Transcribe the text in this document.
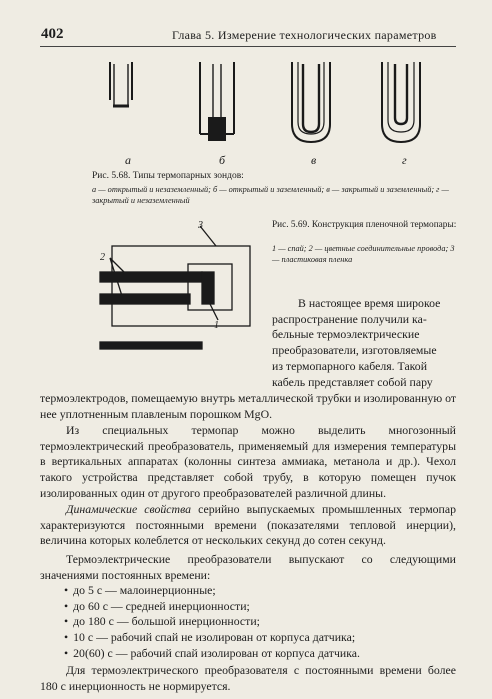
402	Глава 5. Измерение технологических параметров
а	б	в	г
Рис. 5.68. Типы термопарных зондов:
а — открытый и незаземленный; б — открытый и заземленный; в — закрытый и заземленный; г — закрытый и незаземленный
3
2
1
Рис. 5.69. Конструкция пленочной термопары:
1 — спай; 2 — цветные соединительные провода; 3 — пластиковая пленка
В настоящее время широкое
распространение получили ка-
бельные термоэлектрические
преобразователи, изготовляемые
из термопарного кабеля. Такой
кабель представляет собой пару
термоэлектродов, помещаемую внутрь металлической трубки и изолированную от нее уплотненным плавленым порошком MgO.
Из специальных термопар можно выделить многозонный термоэлектрический преобразователь, применяемый для измерения температуры в вертикальных аппаратах (колонны синтеза аммиака, метанола и др.). Чехол такого устройства представляет собой трубу, в которую помещен пучок изолированных один от другого преобразователей различной длины.
Динамические свойства серийно выпускаемых промышленных термопар характеризуются постоянными времени (показателями тепловой инерции), величина которых колеблется от нескольких секунд до сотен секунд.
Термоэлектрические преобразователи выпускают со следующими значениями постоянных времени:
• до 5 с — малоинерционные;
• до 60 с — средней инерционности;
• до 180 с — большой инерционности;
• 10 с — рабочий спай не изолирован от корпуса датчика;
• 20(60) с — рабочий спай изолирован от корпуса датчика.
Для термоэлектрического преобразователя с постоянными времени более 180 с инерционность не нормируется.
